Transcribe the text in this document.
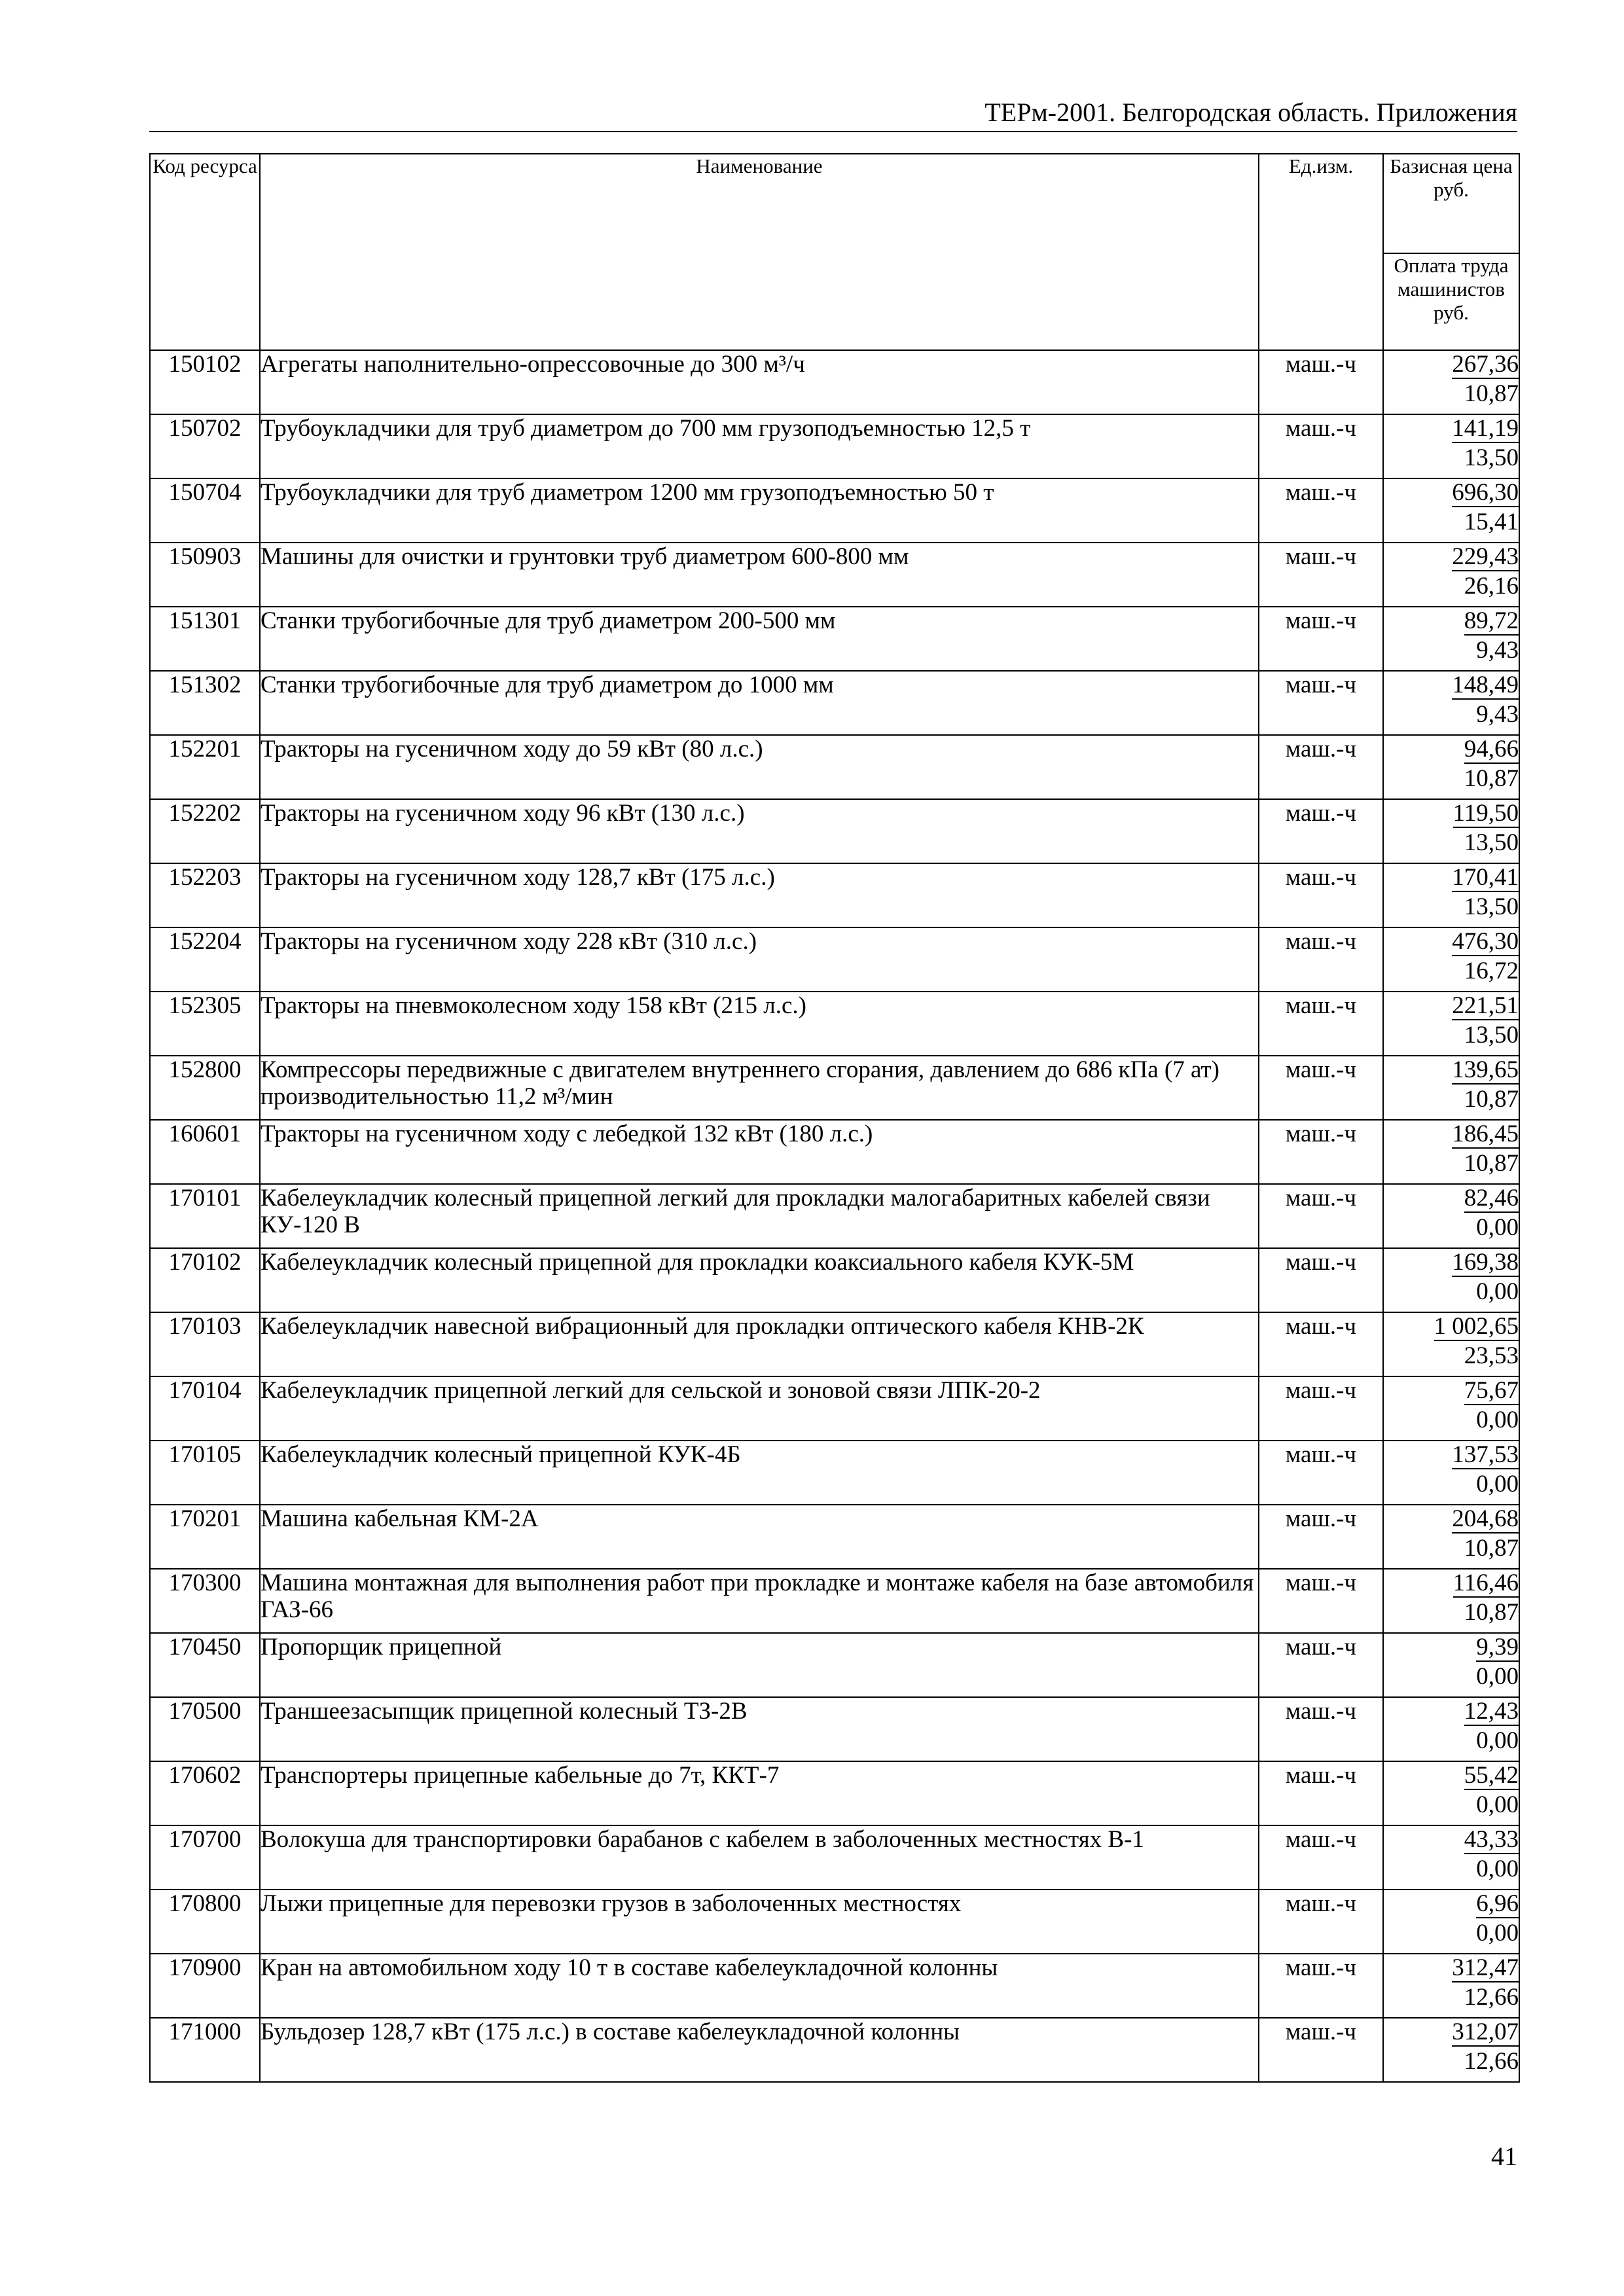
ТЕРм-2001. Белгородская область. Приложения
Код ресурса	Наименование	Ед.изм.	Базисная цена руб.
			Оплата труда машинистов руб.
150102	Агрегаты наполнительно-опрессовочные до 300 м³/ч	маш.-ч	267,36
10,87

150702	Трубоукладчики для труб диаметром до 700 мм грузоподъемностью 12,5 т	маш.-ч	141,19
13,50

150704	Трубоукладчики для труб диаметром 1200 мм грузоподъемностью 50 т	маш.-ч	696,30
15,41

150903	Машины для очистки и грунтовки труб диаметром 600-800 мм	маш.-ч	229,43
26,16

151301	Станки трубогибочные для труб диаметром 200-500 мм	маш.-ч	89,72
9,43

151302	Станки трубогибочные для труб диаметром до 1000 мм	маш.-ч	148,49
9,43

152201	Тракторы на гусеничном ходу до 59 кВт (80 л.с.)	маш.-ч	94,66
10,87

152202	Тракторы на гусеничном ходу 96 кВт (130 л.с.)	маш.-ч	119,50
13,50

152203	Тракторы на гусеничном ходу 128,7 кВт (175 л.с.)	маш.-ч	170,41
13,50

152204	Тракторы на гусеничном ходу 228 кВт (310 л.с.)	маш.-ч	476,30
16,72

152305	Тракторы на пневмоколесном ходу 158 кВт (215 л.с.)	маш.-ч	221,51
13,50

152800	Компрессоры передвижные с двигателем внутреннего сгорания, давлением до 686 кПа (7 ат) производительностью 11,2 м³/мин	маш.-ч	139,65
10,87

160601	Тракторы на гусеничном ходу с лебедкой 132 кВт (180 л.с.)	маш.-ч	186,45
10,87

170101	Кабелеукладчик колесный прицепной легкий для прокладки малогабаритных кабелей связи КУ-120 В	маш.-ч	82,46
0,00

170102	Кабелеукладчик колесный прицепной для прокладки коаксиального кабеля КУК-5М	маш.-ч	169,38
0,00

170103	Кабелеукладчик навесной вибрационный для прокладки оптического кабеля КНВ-2К	маш.-ч	1 002,65
23,53

170104	Кабелеукладчик прицепной легкий для сельской и зоновой связи ЛПК-20-2	маш.-ч	75,67
0,00

170105	Кабелеукладчик колесный прицепной КУК-4Б	маш.-ч	137,53
0,00

170201	Машина кабельная КМ-2А	маш.-ч	204,68
10,87

170300	Машина монтажная для выполнения работ при прокладке и монтаже кабеля на базе автомобиля ГАЗ-66	маш.-ч	116,46
10,87

170450	Пропорщик прицепной	маш.-ч	9,39
0,00

170500	Траншеезасыпщик прицепной колесный ТЗ-2В	маш.-ч	12,43
0,00

170602	Транспортеры прицепные кабельные до 7т, ККТ-7	маш.-ч	55,42
0,00

170700	Волокуша для транспортировки барабанов с кабелем в заболоченных местностях В-1	маш.-ч	43,33
0,00

170800	Лыжи прицепные для перевозки грузов в заболоченных местностях	маш.-ч	6,96
0,00

170900	Кран на автомобильном ходу 10 т в составе кабелеукладочной колонны	маш.-ч	312,47
12,66

171000	Бульдозер 128,7 кВт (175 л.с.) в составе кабелеукладочной колонны	маш.-ч	312,07
12,66
41
